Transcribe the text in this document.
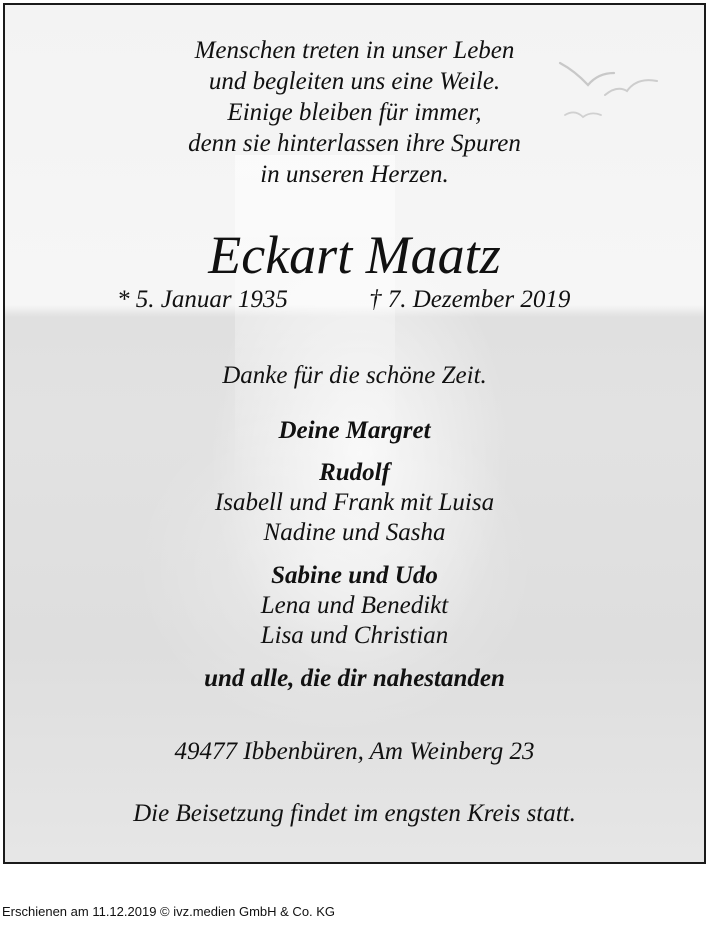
Menschen treten in unser Leben
und begleiten uns eine Weile.
Einige bleiben für immer,
denn sie hinterlassen ihre Spuren
in unseren Herzen.
Eckart Maatz
* 5. Januar 1935	† 7. Dezember 2019
Danke für die schöne Zeit.
Deine Margret
Rudolf
Isabell und Frank mit Luisa
Nadine und Sasha
Sabine und Udo
Lena und Benedikt
Lisa und Christian
und alle, die dir nahestanden
49477 Ibbenbüren, Am Weinberg 23
Die Beisetzung findet im engsten Kreis statt.
Erschienen am 11.12.2019 © ivz.medien GmbH & Co. KG
